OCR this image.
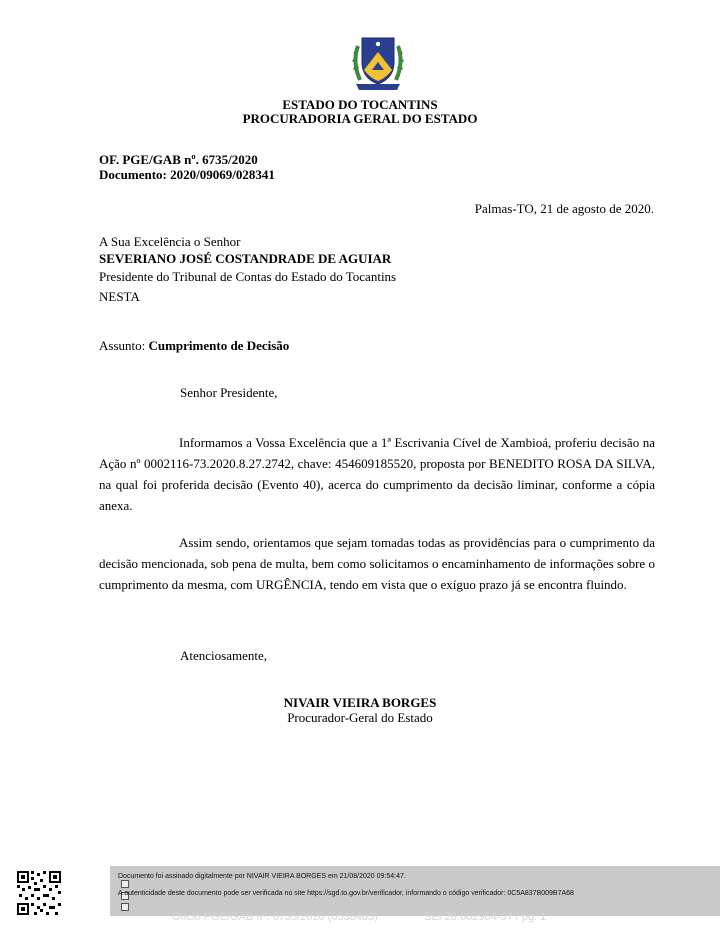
ESTADO DO TOCANTINS
PROCURADORIA GERAL DO ESTADO
OF. PGE/GAB nº. 6735/2020
Documento: 2020/09069/028341
Palmas-TO, 21 de agosto de 2020.
A Sua Excelência o Senhor
SEVERIANO JOSÉ COSTANDRADE DE AGUIAR
Presidente do Tribunal de Contas do Estado do Tocantins
NESTA
Assunto: Cumprimento de Decisão
Senhor Presidente,
Informamos a Vossa Excelência que a 1ª Escrivania Cível de Xambioá, proferiu decisão na Ação nº 0002116-73.2020.8.27.2742, chave: 454609185520, proposta por BENEDITO ROSA DA SILVA, na qual foi proferida decisão (Evento 40), acerca do cumprimento da decisão liminar, conforme a cópia anexa.
Assim sendo, orientamos que sejam tomadas todas as providências para o cumprimento da decisão mencionada, sob pena de multa, bem como solicitamos o encaminhamento de informações sobre o cumprimento da mesma, com URGÊNCIA, tendo em vista que o exíguo prazo já se encontra fluindo.
Atenciosamente,
NIVAIR VIEIRA BORGES
Procurador-Geral do Estado
Documento foi assinado digitalmente por NIVAIR VIEIRA BORGES em 21/08/2020 09:54:47.
A autenticidade deste documento pode ser verificada no site https://sgd.to.gov.br/verificador, informando o código verificador: 0C5A837B009B7A68
Ofício PGE/GAB nº. 6735/2020 (0538483)	SEI 28.002964-37 / pg. 1
